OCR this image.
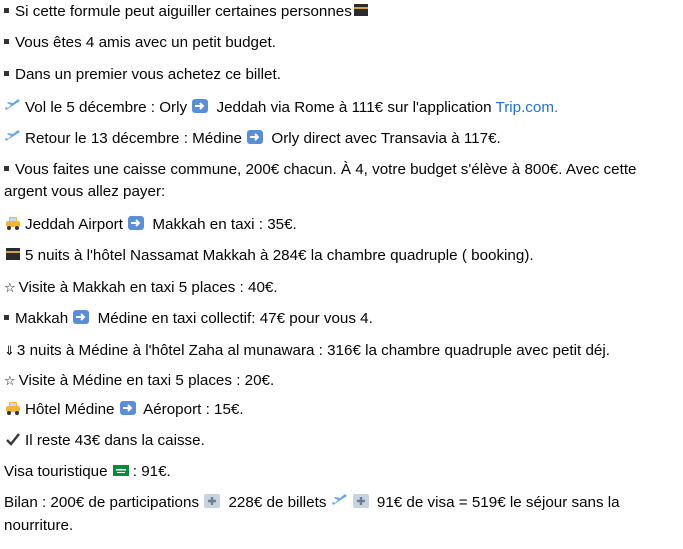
Si cette formule peut aiguiller certaines personnes
Vous êtes 4 amis avec un petit budget.
Dans un premier vous achetez ce billet.
Vol le 5 décembre : Orly
Jeddah via Rome à 111€ sur l'application Trip.com.
Retour le 13 décembre : Médine
Orly direct avec Transavia à 117€.
Vous faites une caisse commune, 200€ chacun. À 4, votre budget s'élève à 800€. Avec cette argent vous allez payer:
Jeddah Airport
Makkah en taxi : 35€.
5 nuits à l'hôtel Nassamat Makkah à 284€ la chambre quadruple ( booking).
☆ Visite à Makkah en taxi 5 places : 40€.
Makkah
Médine en taxi collectif: 47€ pour vous 4.
⇓ 3 nuits à Médine à l'hôtel Zaha al munawara : 316€ la chambre quadruple avec petit déj.
☆ Visite à Médine en taxi 5 places : 20€.
Hôtel Médine
Aéroport : 15€.
Il reste 43€ dans la caisse.
Visa touristique
: 91€.
Bilan : 200€ de participations
228€ de billets	91€ de visa = 519€ le séjour sans la nourriture.
